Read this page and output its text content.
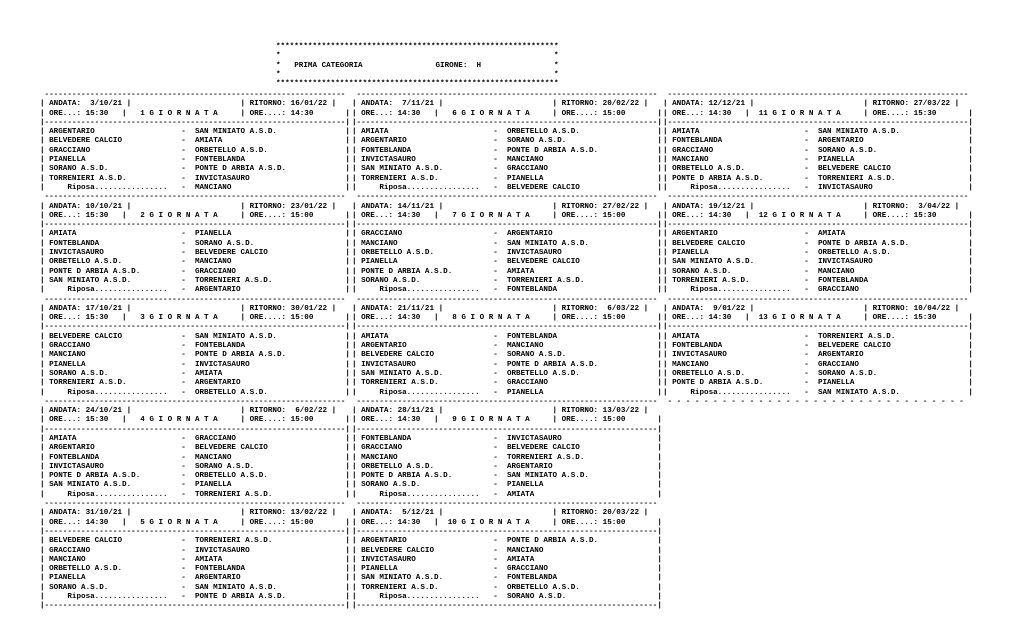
**************************************************************
*                                                            *
*   PRIMA CATEGORIA                GIRONE:  H                *
*                                                            *
**************************************************************
------------------------------------------------------------------
| ANDATA:  3/10/21 |                        | RITORNO: 16/01/22 |
| ORE...: 15:30   |   1 G I O R N A T A     | ORE....: 14:30       |
|------------------------------------------------------------------|
| ARGENTARIO                   -  SAN MINIATO A.S.D.               |
| BELVEDERE CALCIO             -  AMIATA                           |
| GRACCIANO                    -  ORBETELLO A.S.D.                 |
| PIANELLA                     -  FONTEBLANDA                      |
| SORANO A.S.D.                -  PONTE D ARBIA A.S.D.             |
| TORRENIERI A.S.D.            -  INVICTASAURO                     |
|     Riposa................   -  MANCIANO                         |
------------------------------------------------------------------
| ANDATA: 10/10/21 |                        | RITORNO: 23/01/22 |
| ORE...: 15:30   |   2 G I O R N A T A     | ORE....: 15:00       |
|------------------------------------------------------------------|
| AMIATA                       -  PIANELLA                         |
| FONTEBLANDA                  -  SORANO A.S.D.                    |
| INVICTASAURO                 -  BELVEDERE CALCIO                 |
| ORBETELLO A.S.D.             -  MANCIANO                         |
| PONTE D ARBIA A.S.D.         -  GRACCIANO                        |
| SAN MINIATO A.S.D.           -  TORRENIERI A.S.D.                |
|     Riposa................   -  ARGENTARIO                       |
------------------------------------------------------------------
| ANDATA: 17/10/21 |                        | RITORNO: 30/01/22 |
| ORE...: 15:30   |   3 G I O R N A T A     | ORE....: 15:00       |
|------------------------------------------------------------------|
| BELVEDERE CALCIO             -  SAN MINIATO A.S.D.               |
| GRACCIANO                    -  FONTEBLANDA                      |
| MANCIANO                     -  PONTE D ARBIA A.S.D.             |
| PIANELLA                     -  INVICTASAURO                     |
| SORANO A.S.D.                -  AMIATA                           |
| TORRENIERI A.S.D.            -  ARGENTARIO                       |
|     Riposa................   -  ORBETELLO A.S.D.                 |
------------------------------------------------------------------
| ANDATA: 24/10/21 |                        | RITORNO:  6/02/22 |
| ORE...: 15:30   |   4 G I O R N A T A     | ORE....: 15:00       |
|------------------------------------------------------------------|
| AMIATA                       -  GRACCIANO                        |
| ARGENTARIO                   -  BELVEDERE CALCIO                 |
| FONTEBLANDA                  -  MANCIANO                         |
| INVICTASAURO                 -  SORANO A.S.D.                    |
| PONTE D ARBIA A.S.D.         -  ORBETELLO A.S.D.                 |
| SAN MINIATO A.S.D.           -  PIANELLA                         |
|     Riposa................   -  TORRENIERI A.S.D.                |
------------------------------------------------------------------
| ANDATA: 31/10/21 |                        | RITORNO: 13/02/22 |
| ORE...: 14:30   |   5 G I O R N A T A     | ORE....: 15:00       |
|------------------------------------------------------------------|
| BELVEDERE CALCIO             -  TORRENIERI A.S.D.                |
| GRACCIANO                    -  INVICTASAURO                     |
| MANCIANO                     -  AMIATA                           |
| ORBETELLO A.S.D.             -  FONTEBLANDA                      |
| PIANELLA                     -  ARGENTARIO                       |
| SORANO A.S.D.                -  SAN MINIATO A.S.D.               |
|     Riposa................   -  PONTE D ARBIA A.S.D.             |
|------------------------------------------------------------------|
------------------------------------------------------------------
| ANDATA:  7/11/21 |                        | RITORNO: 20/02/22 |
| ORE...: 14:30   |   6 G I O R N A T A     | ORE....: 15:00       |
|------------------------------------------------------------------|
| AMIATA                       -  ORBETELLO A.S.D.                 |
| ARGENTARIO                   -  SORANO A.S.D.                    |
| FONTEBLANDA                  -  PONTE D ARBIA A.S.D.             |
| INVICTASAURO                 -  MANCIANO                         |
| SAN MINIATO A.S.D.           -  GRACCIANO                        |
| TORRENIERI A.S.D.            -  PIANELLA                         |
|     Riposa................   -  BELVEDERE CALCIO                 |
------------------------------------------------------------------
| ANDATA: 14/11/21 |                        | RITORNO: 27/02/22 |
| ORE...: 14:30   |   7 G I O R N A T A     | ORE....: 15:00       |
|------------------------------------------------------------------|
| GRACCIANO                    -  ARGENTARIO                       |
| MANCIANO                     -  SAN MINIATO A.S.D.               |
| ORBETELLO A.S.D.             -  INVICTASAURO                     |
| PIANELLA                     -  BELVEDERE CALCIO                 |
| PONTE D ARBIA A.S.D.         -  AMIATA                           |
| SORANO A.S.D.                -  TORRENIERI A.S.D.                |
|     Riposa................   -  FONTEBLANDA                      |
------------------------------------------------------------------
| ANDATA: 21/11/21 |                        | RITORNO:  6/03/22 |
| ORE...: 14:30   |   8 G I O R N A T A     | ORE....: 15:00       |
|------------------------------------------------------------------|
| AMIATA                       -  FONTEBLANDA                      |
| ARGENTARIO                   -  MANCIANO                         |
| BELVEDERE CALCIO             -  SORANO A.S.D.                    |
| INVICTASAURO                 -  PONTE D ARBIA A.S.D.             |
| SAN MINIATO A.S.D.           -  ORBETELLO A.S.D.                 |
| TORRENIERI A.S.D.            -  GRACCIANO                        |
|     Riposa................   -  PIANELLA                         |
------------------------------------------------------------------
| ANDATA: 28/11/21 |                        | RITORNO: 13/03/22 |
| ORE...: 14:30   |   9 G I O R N A T A     | ORE....: 15:00       |
|------------------------------------------------------------------|
| FONTEBLANDA                  -  INVICTASAURO                     |
| GRACCIANO                    -  BELVEDERE CALCIO                 |
| MANCIANO                     -  TORRENIERI A.S.D.                |
| ORBETELLO A.S.D.             -  ARGENTARIO                       |
| PONTE D ARBIA A.S.D.         -  SAN MINIATO A.S.D.               |
| SORANO A.S.D.                -  PIANELLA                         |
|     Riposa................   -  AMIATA                           |
------------------------------------------------------------------
| ANDATA:  5/12/21 |                        | RITORNO: 20/03/22 |
| ORE...: 14:30   |  10 G I O R N A T A     | ORE....: 15:00       |
|------------------------------------------------------------------|
| ARGENTARIO                   -  PONTE D ARBIA A.S.D.             |
| BELVEDERE CALCIO             -  MANCIANO                         |
| INVICTASAURO                 -  AMIATA                           |
| PIANELLA                     -  GRACCIANO                        |
| SAN MINIATO A.S.D.           -  FONTEBLANDA                      |
| TORRENIERI A.S.D.            -  ORBETELLO A.S.D.                 |
|     Riposa................   -  SORANO A.S.D.                    |
|------------------------------------------------------------------|
------------------------------------------------------------------
| ANDATA: 12/12/21 |                        | RITORNO: 27/03/22 |
| ORE...: 14:30   |  11 G I O R N A T A     | ORE....: 15:30       |
|------------------------------------------------------------------|
| AMIATA                       -  SAN MINIATO A.S.D.               |
| FONTEBLANDA                  -  ARGENTARIO                       |
| GRACCIANO                    -  SORANO A.S.D.                    |
| MANCIANO                     -  PIANELLA                         |
| ORBETELLO A.S.D.             -  BELVEDERE CALCIO                 |
| PONTE D ARBIA A.S.D.         -  TORRENIERI A.S.D.                |
|     Riposa................   -  INVICTASAURO                     |
------------------------------------------------------------------
| ANDATA: 19/12/21 |                        | RITORNO:  3/04/22 |
| ORE...: 14:30   |  12 G I O R N A T A     | ORE....: 15:30       |
|------------------------------------------------------------------|
| ARGENTARIO                   -  AMIATA                           |
| BELVEDERE CALCIO             -  PONTE D ARBIA A.S.D.             |
| PIANELLA                     -  ORBETELLO A.S.D.                 |
| SAN MINIATO A.S.D.           -  INVICTASAURO                     |
| SORANO A.S.D.                -  MANCIANO                         |
| TORRENIERI A.S.D.            -  FONTEBLANDA                      |
|     Riposa................   -  GRACCIANO                        |
------------------------------------------------------------------
| ANDATA:  9/01/22 |                        | RITORNO: 10/04/22 |
| ORE...: 14:30   |  13 G I O R N A T A     | ORE....: 15:30       |
|------------------------------------------------------------------|
| AMIATA                       -  TORRENIERI A.S.D.                |
| FONTEBLANDA                  -  BELVEDERE CALCIO                 |
| INVICTASAURO                 -  ARGENTARIO                       |
| MANCIANO                     -  GRACCIANO                        |
| ORBETELLO A.S.D.             -  SORANO A.S.D.                    |
| PONTE D ARBIA A.S.D.         -  PIANELLA                         |
|     Riposa................   -  SAN MINIATO A.S.D.               |
- - - - - - - - - - - - - - - - - - - - - - - - - - - - - - - - -
